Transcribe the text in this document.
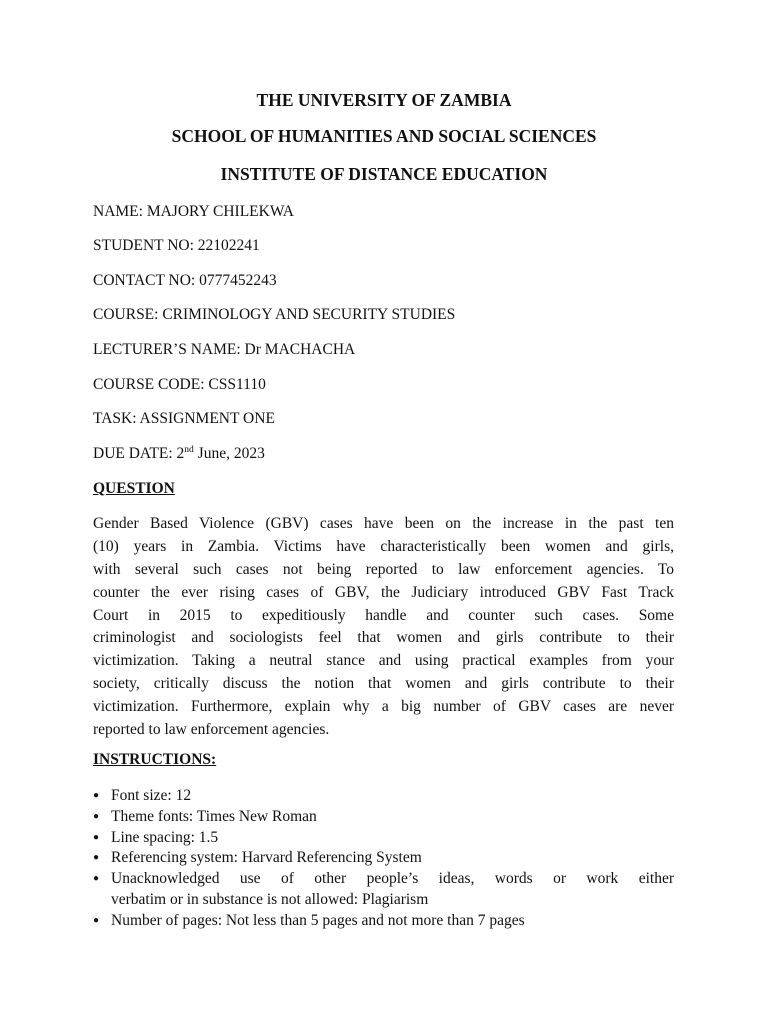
THE UNIVERSITY OF ZAMBIA

SCHOOL OF HUMANITIES AND SOCIAL SCIENCES

INSTITUTE OF DISTANCE EDUCATION

NAME: MAJORY CHILEKWA

STUDENT NO: 22102241

CONTACT NO: 0777452243

COURSE: CRIMINOLOGY AND SECURITY STUDIES

LECTURER’S NAME: Dr MACHACHA

COURSE CODE: CSS1110

TASK: ASSIGNMENT ONE

DUE DATE: 2nd June, 2023

QUESTION

Gender Based Violence (GBV) cases have been on the increase in the past ten
(10) years in Zambia. Victims have characteristically been women and girls,
with several such cases not being reported to law enforcement agencies. To
counter the ever rising cases of GBV, the Judiciary introduced GBV Fast Track
Court in 2015 to expeditiously handle and counter such cases. Some
criminologist and sociologists feel that women and girls contribute to their
victimization. Taking a neutral stance and using practical examples from your
society, critically discuss the notion that women and girls contribute to their
victimization. Furthermore, explain why a big number of GBV cases are never
reported to law enforcement agencies.

INSTRUCTIONS:

● Font size: 12
● Theme fonts: Times New Roman
● Line spacing: 1.5
● Referencing system: Harvard Referencing System
● Unacknowledged use of other people’s ideas, words or work either
verbatim or in substance is not allowed: Plagiarism
● Number of pages: Not less than 5 pages and not more than 7 pages
